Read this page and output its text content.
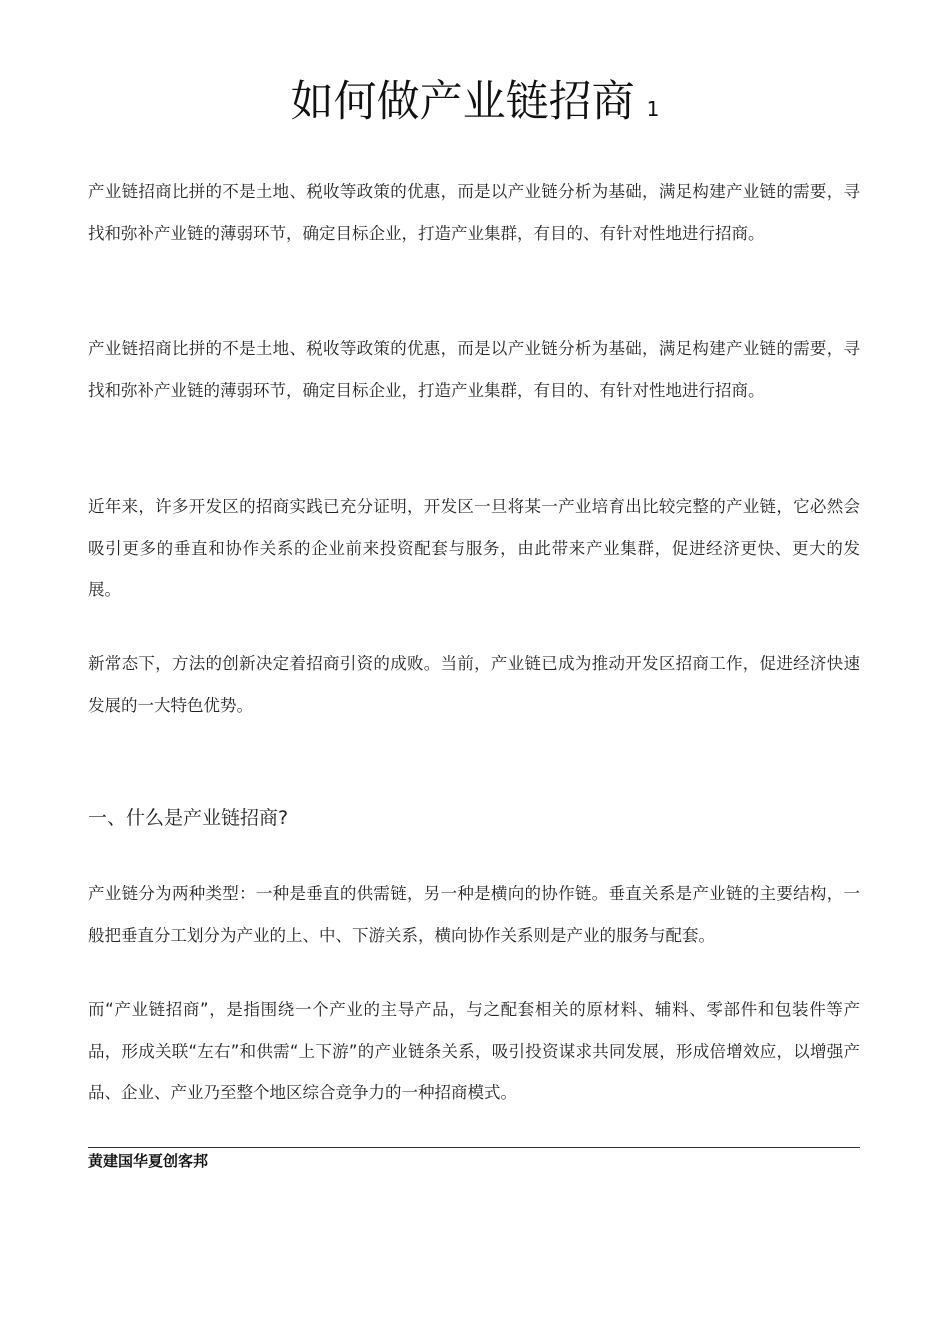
如何做产业链招商 1

产业链招商比拼的不是土地、税收等政策的优惠，而是以产业链分析为基础，满足构建产业链的需要，寻找和弥补产业链的薄弱环节，确定目标企业，打造产业集群，有目的、有针对性地进行招商。

产业链招商比拼的不是土地、税收等政策的优惠，而是以产业链分析为基础，满足构建产业链的需要，寻找和弥补产业链的薄弱环节，确定目标企业，打造产业集群，有目的、有针对性地进行招商。

近年来，许多开发区的招商实践已充分证明，开发区一旦将某一产业培育出比较完整的产业链，它必然会吸引更多的垂直和协作关系的企业前来投资配套与服务，由此带来产业集群，促进经济更快、更大的发展。

新常态下，方法的创新决定着招商引资的成败。当前，产业链已成为推动开发区招商工作，促进经济快速发展的一大特色优势。

一、什么是产业链招商?

产业链分为两种类型：一种是垂直的供需链，另一种是横向的协作链。垂直关系是产业链的主要结构，一般把垂直分工划分为产业的上、中、下游关系，横向协作关系则是产业的服务与配套。

而“产业链招商”，是指围绕一个产业的主导产品，与之配套相关的原材料、辅料、零部件和包装件等产品，形成关联“左右”和供需“上下游”的产业链条关系，吸引投资谋求共同发展，形成倍增效应，以增强产品、企业、产业乃至整个地区综合竞争力的一种招商模式。

黄建国华夏创客邦
